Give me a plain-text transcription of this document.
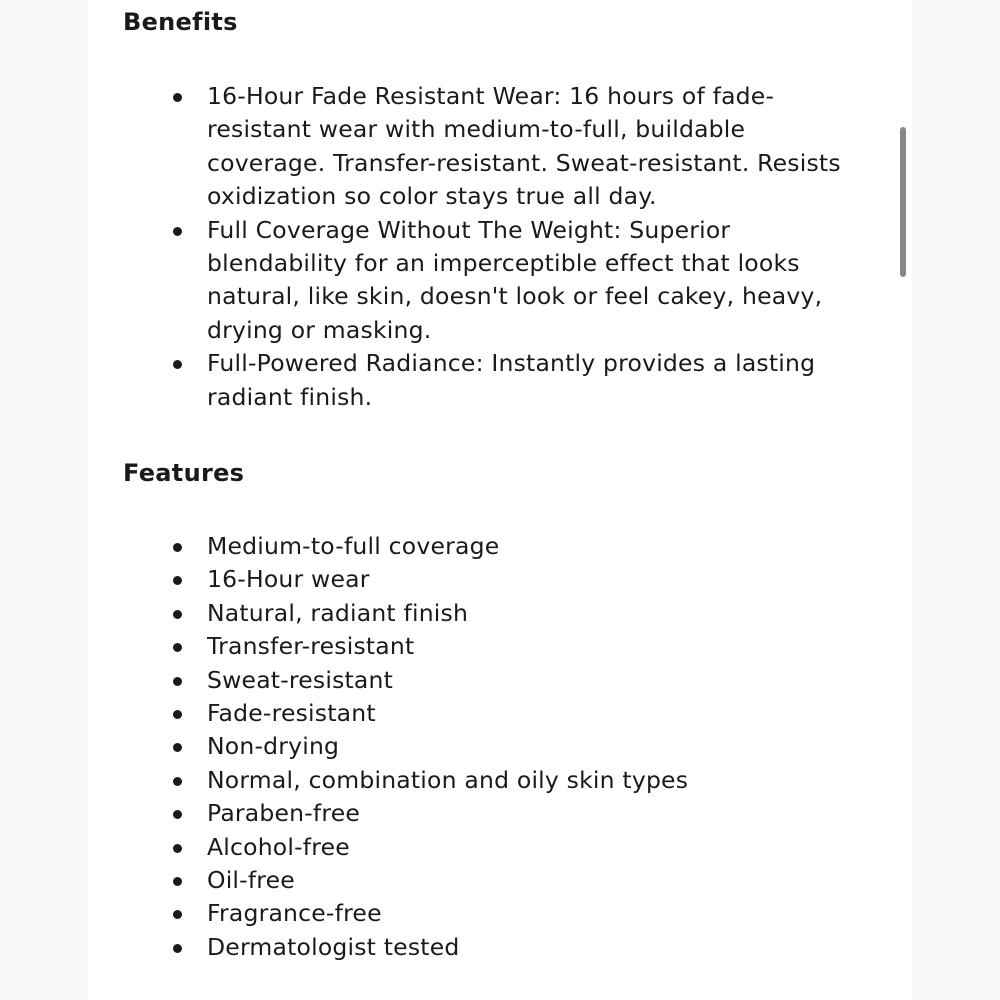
Benefits
16-Hour Fade Resistant Wear: 16 hours of fade-resistant wear with medium-to-full, buildable coverage. Transfer-resistant. Sweat-resistant. Resists oxidization so color stays true all day.
Full Coverage Without The Weight: Superior blendability for an imperceptible effect that looks natural, like skin, doesn't look or feel cakey, heavy, drying or masking.
Full-Powered Radiance: Instantly provides a lasting radiant finish.
Features
Medium-to-full coverage
16-Hour wear
Natural, radiant finish
Transfer-resistant
Sweat-resistant
Fade-resistant
Non-drying
Normal, combination and oily skin types
Paraben-free
Alcohol-free
Oil-free
Fragrance-free
Dermatologist tested
